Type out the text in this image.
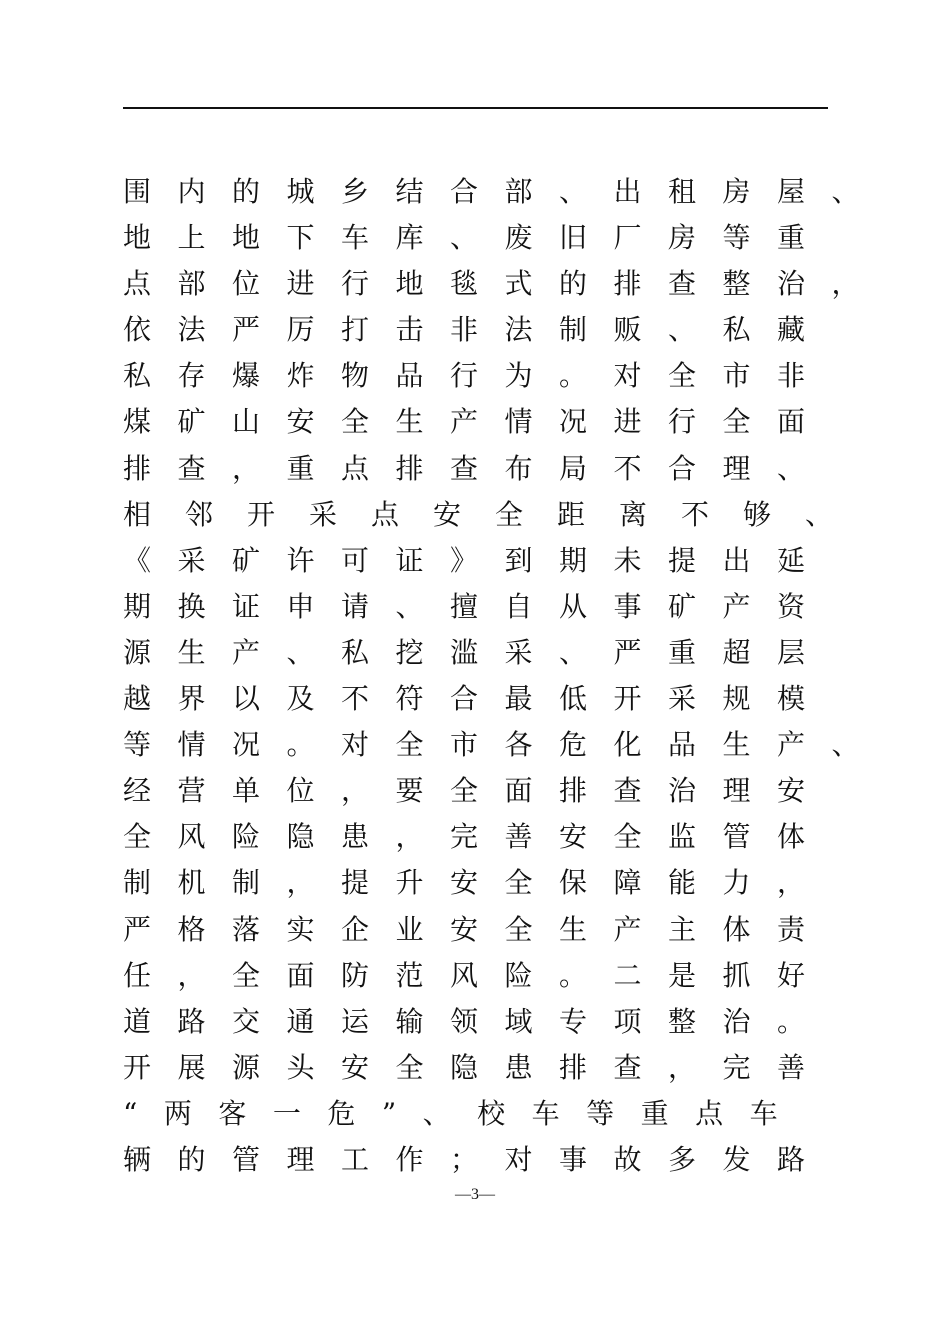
围内的城乡结合部、出租房屋、
地上地下车库、废旧厂房等重
点部位进行地毯式的排查整治，
依法严厉打击非法制贩、私藏
私存爆炸物品行为。对全市非
煤矿山安全生产情况进行全面
排查，重点排查布局不合理、
相邻开采点安全距离不够、
《采矿许可证》到期未提出延
期换证申请、擅自从事矿产资
源生产、私挖滥采、严重超层
越界以及不符合最低开采规模
等情况。对全市各危化品生产、
经营单位，要全面排查治理安
全风险隐患，完善安全监管体
制机制，提升安全保障能力，
严格落实企业安全生产主体责
任，全面防范风险。二是抓好
道路交通运输领域专项整治。
开展源头安全隐患排查，完善
“两客一危”、校车等重点车
辆的管理工作；对事故多发路
—3—
